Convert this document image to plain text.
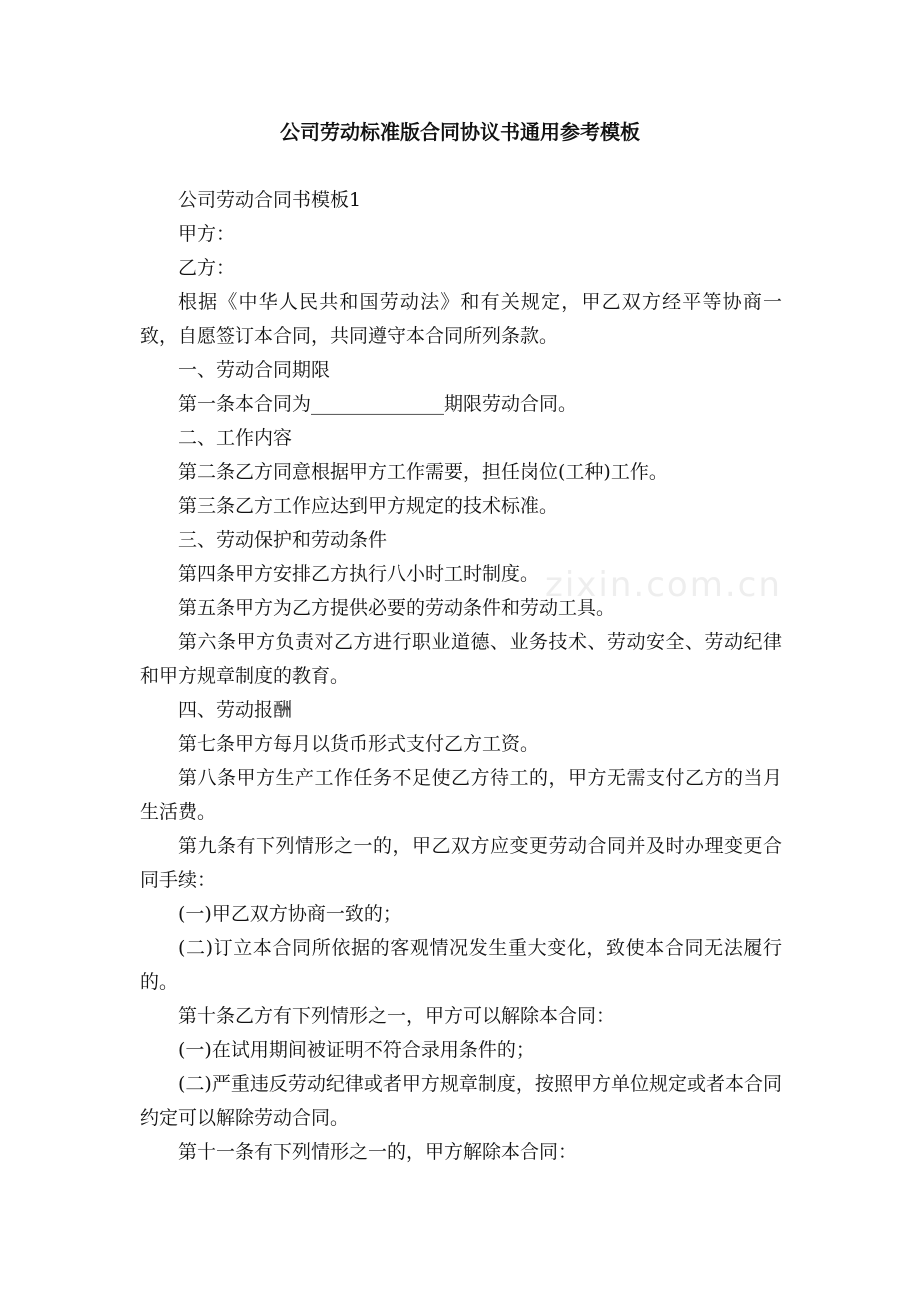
公司劳动标准版合同协议书通用参考模板

公司劳动合同书模板1

甲方：

乙方：

根据《中华人民共和国劳动法》和有关规定，甲乙双方经平等协商一致，自愿签订本合同，共同遵守本合同所列条款。

一、劳动合同期限

第一条本合同为______________期限劳动合同。

二、工作内容

第二条乙方同意根据甲方工作需要，担任岗位(工种)工作。

第三条乙方工作应达到甲方规定的技术标准。

三、劳动保护和劳动条件

第四条甲方安排乙方执行八小时工时制度。

第五条甲方为乙方提供必要的劳动条件和劳动工具。

第六条甲方负责对乙方进行职业道德、业务技术、劳动安全、劳动纪律和甲方规章制度的教育。

四、劳动报酬

第七条甲方每月以货币形式支付乙方工资。

第八条甲方生产工作任务不足使乙方待工的，甲方无需支付乙方的当月生活费。

第九条有下列情形之一的，甲乙双方应变更劳动合同并及时办理变更合同手续：

(一)甲乙双方协商一致的；

(二)订立本合同所依据的客观情况发生重大变化，致使本合同无法履行的。

第十条乙方有下列情形之一，甲方可以解除本合同：

(一)在试用期间被证明不符合录用条件的；

(二)严重违反劳动纪律或者甲方规章制度，按照甲方单位规定或者本合同约定可以解除劳动合同。

第十一条有下列情形之一的，甲方解除本合同：

zixin.com.cn
